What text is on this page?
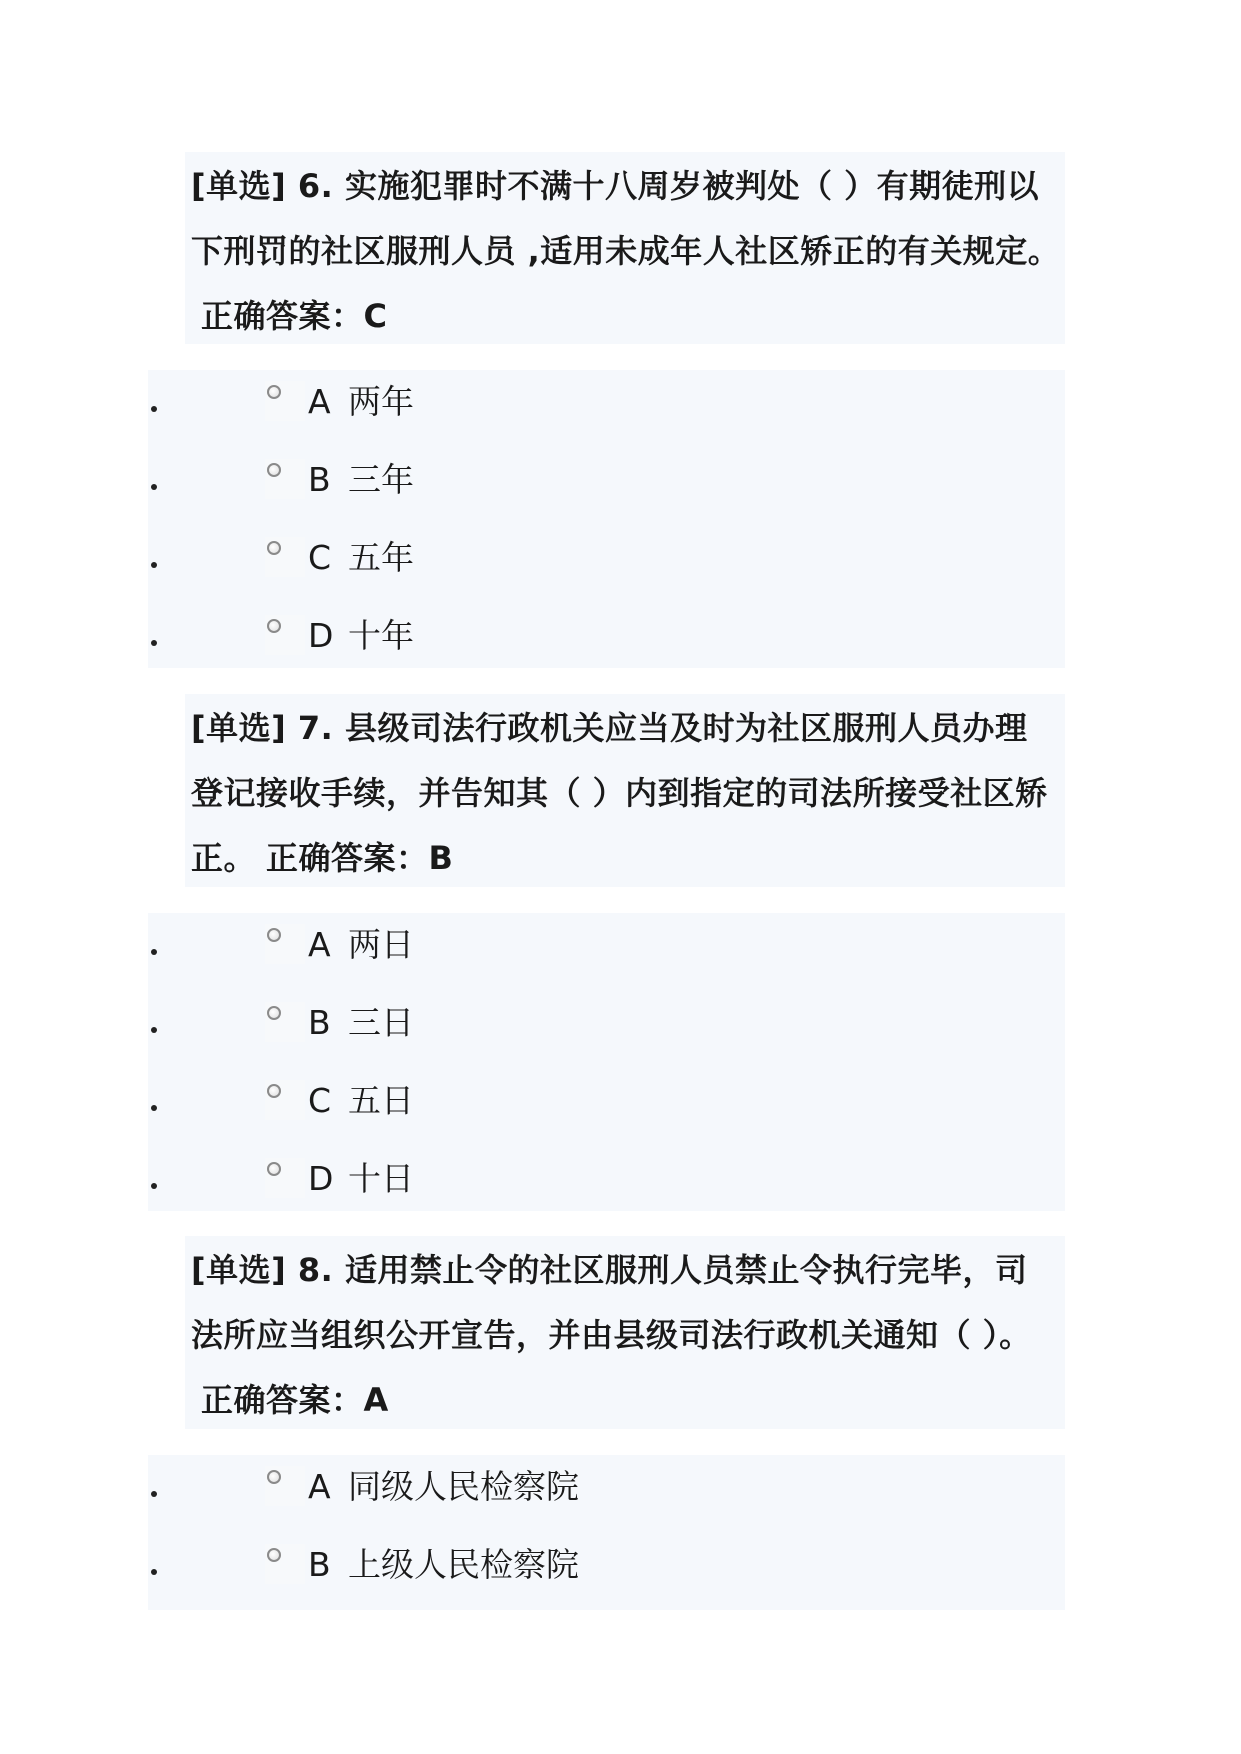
[单选] 6. 实施犯罪时不满十八周岁被判处（ ）有期徒刑以
下刑罚的社区服刑人员 ,适用未成年人社区矫正的有关规定。
正确答案：C
A 两年
B 三年
C 五年
D 十年
[单选] 7. 县级司法行政机关应当及时为社区服刑人员办理
登记接收手续，并告知其（ ）内到指定的司法所接受社区矫
正。 正确答案：B
A 两日
B 三日
C 五日
D 十日
[单选] 8. 适用禁止令的社区服刑人员禁止令执行完毕，司
法所应当组织公开宣告，并由县级司法行政机关通知（ ）。
正确答案：A
A 同级人民检察院
B 上级人民检察院
